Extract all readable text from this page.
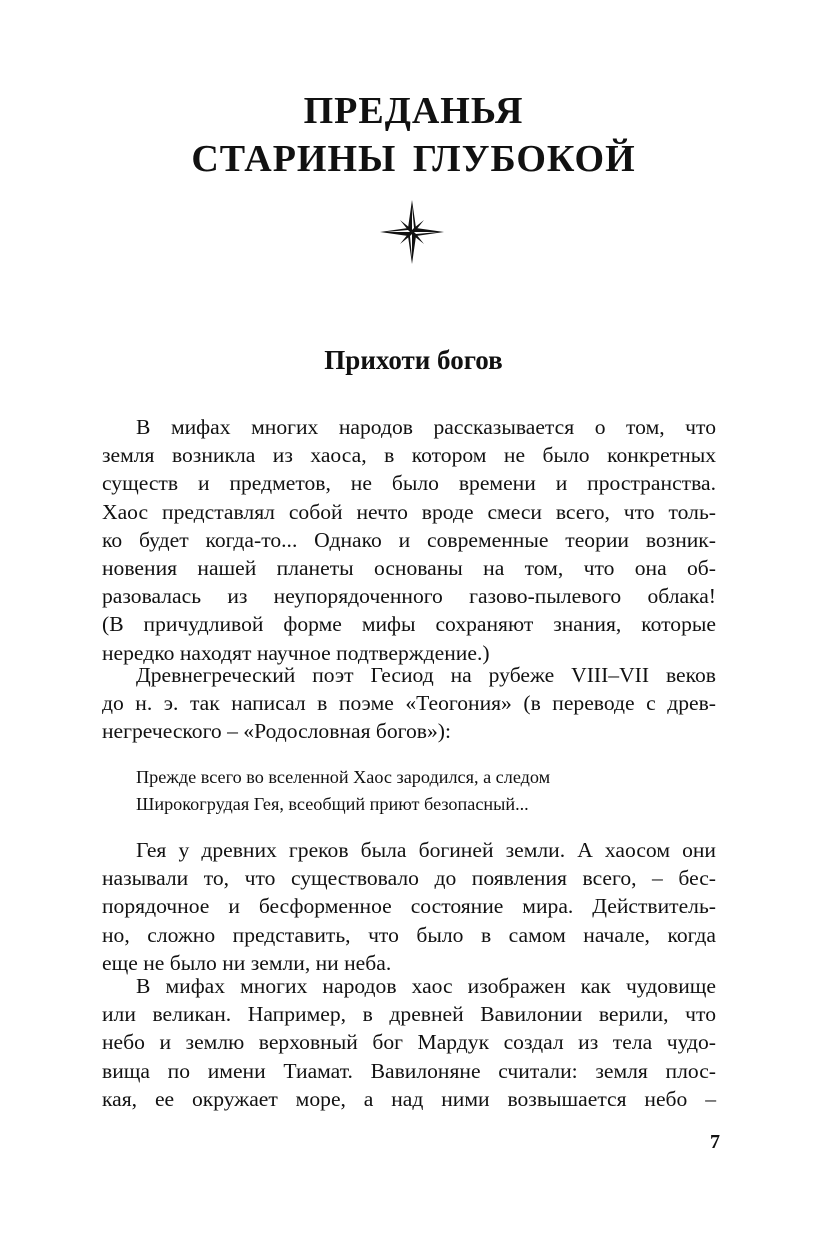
ПРЕДАНЬЯ
СТАРИНЫ ГЛУБОКОЙ
Прихоти богов
В мифах многих народов рассказывается о том, что
земля возникла из хаоса, в котором не было конкретных
существ и предметов, не было времени и пространства.
Хаос представлял собой нечто вроде смеси всего, что толь-
ко будет когда-то... Однако и современные теории возник-
новения нашей планеты основаны на том, что она об-
разовалась из неупорядоченного газово-пылевого облака!
(В причудливой форме мифы сохраняют знания, которые
нередко находят научное подтверждение.)
Древнегреческий поэт Гесиод на рубеже VIII–VII веков
до н. э. так написал в поэме «Теогония» (в переводе с древ-
негреческого – «Родословная богов»):
Прежде всего во вселенной Хаос зародился, а следом
Широкогрудая Гея, всеобщий приют безопасный...
Гея у древних греков была богиней земли. А хаосом они
называли то, что существовало до появления всего, – бес-
порядочное и бесформенное состояние мира. Действитель-
но, сложно представить, что было в самом начале, когда
еще не было ни земли, ни неба.
В мифах многих народов хаос изображен как чудовище
или великан. Например, в древней Вавилонии верили, что
небо и землю верховный бог Мардук создал из тела чудо-
вища по имени Тиамат. Вавилоняне считали: земля плос-
кая, ее окружает море, а над ними возвышается небо –
7
